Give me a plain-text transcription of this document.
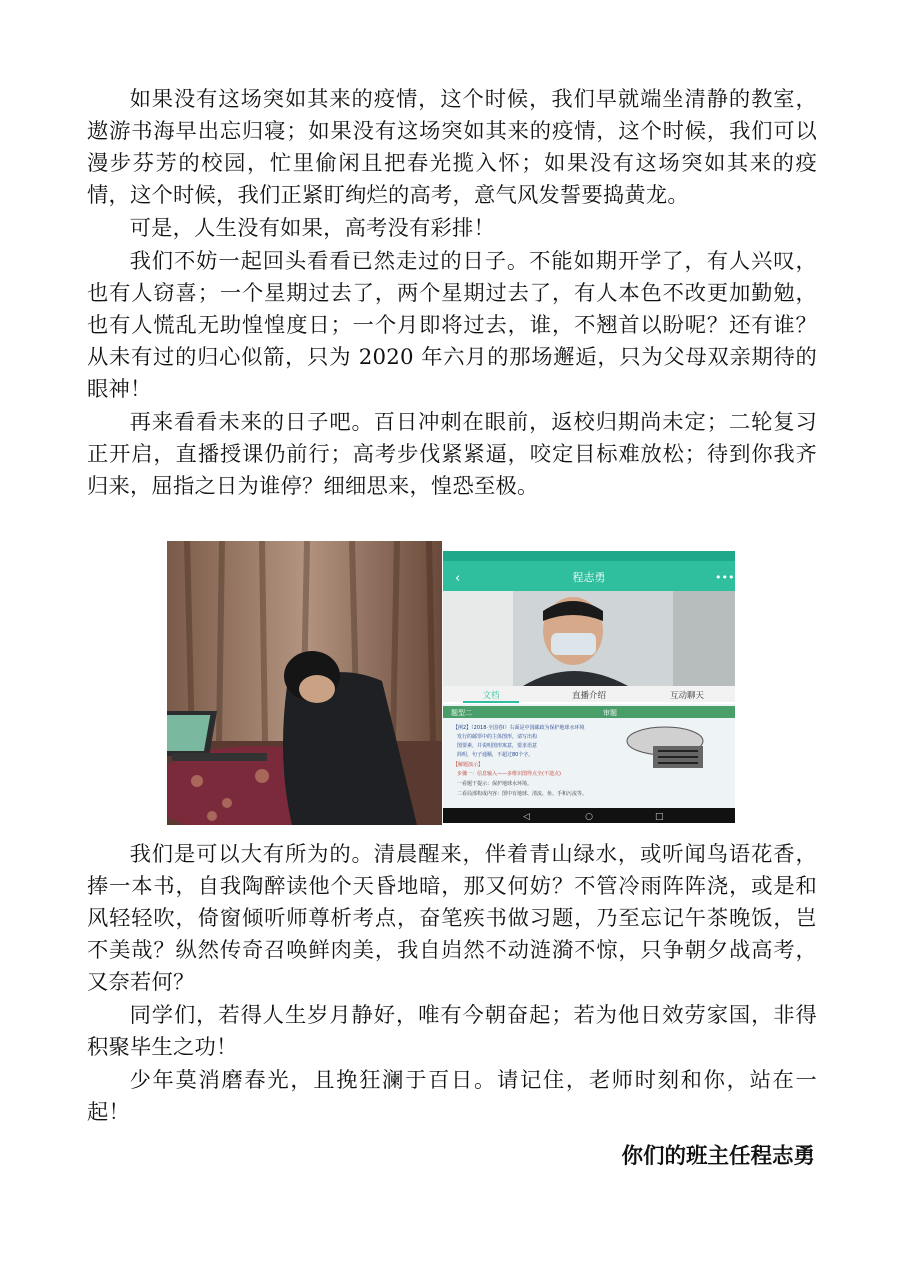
如果没有这场突如其来的疫情，这个时候，我们早就端坐清静的教室，遨游书海早出忘归寝；如果没有这场突如其来的疫情，这个时候，我们可以漫步芬芳的校园，忙里偷闲且把春光揽入怀；如果没有这场突如其来的疫情，这个时候，我们正紧盯绚烂的高考，意气风发誓要捣黄龙。

可是，人生没有如果，高考没有彩排！

我们不妨一起回头看看已然走过的日子。不能如期开学了，有人兴叹，也有人窃喜；一个星期过去了，两个星期过去了，有人本色不改更加勤勉，也有人慌乱无助惶惶度日；一个月即将过去，谁，不翘首以盼呢？还有谁？从未有过的归心似箭，只为 2020 年六月的那场邂逅，只为父母双亲期待的眼神！

再来看看未来的日子吧。百日冲刺在眼前，返校归期尚未定；二轮复习正开启，直播授课仍前行；高考步伐紧紧逼，咬定目标难放松；待到你我齐归来，屈指之日为谁停？细细思来，惶恐至极。

程志勇
‹	•••
文档	直播介绍	互动聊天
题型二	审题
【例2】（2018·全国卷Ⅰ）右面是中国邮政为保护地球水环境
发行的邮票中的主体图形，请写出构
图要素，并说明图形寓意，要求语意
简明，句子通顺，不超过80个字。
【解题演示】
步骤一：信息输入——多维识图得点全(不遗点)
一看题干提示：保护地球水环境。
二看局部构成内容：图中有地球、清流、鱼、手和污流等。
◁	○	□

我们是可以大有所为的。清晨醒来，伴着青山绿水，或听闻鸟语花香，捧一本书，自我陶醉读他个天昏地暗，那又何妨？不管冷雨阵阵浇，或是和风轻轻吹，倚窗倾听师尊析考点，奋笔疾书做习题，乃至忘记午茶晚饭，岂不美哉？纵然传奇召唤鲜肉美，我自岿然不动涟漪不惊，只争朝夕战高考，又奈若何？

同学们，若得人生岁月静好，唯有今朝奋起；若为他日效劳家国，非得积聚毕生之功！

少年莫消磨春光，且挽狂澜于百日。请记住，老师时刻和你，站在一起！

你们的班主任程志勇
